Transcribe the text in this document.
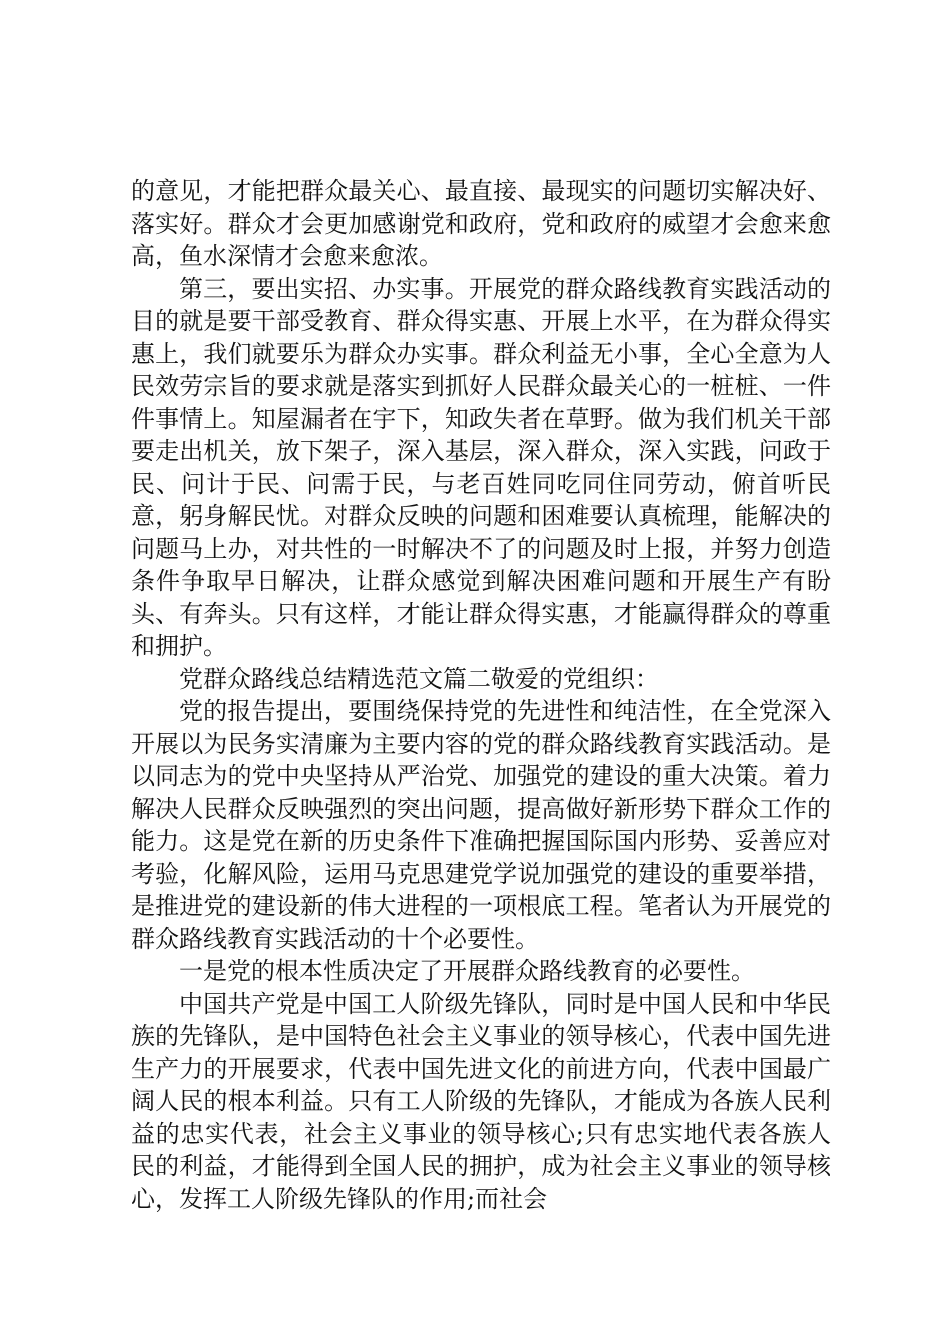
的意见，才能把群众最关心、最直接、最现实的问题切实解决好、落实好。群众才会更加感谢党和政府，党和政府的威望才会愈来愈高，鱼水深情才会愈来愈浓。

第三，要出实招、办实事。开展党的群众路线教育实践活动的目的就是要干部受教育、群众得实惠、开展上水平，在为群众得实惠上，我们就要乐为群众办实事。群众利益无小事，全心全意为人民效劳宗旨的要求就是落实到抓好人民群众最关心的一桩桩、一件件事情上。知屋漏者在宇下，知政失者在草野。做为我们机关干部要走出机关，放下架子，深入基层，深入群众，深入实践，问政于民、问计于民、问需于民，与老百姓同吃同住同劳动，俯首听民意，躬身解民忧。对群众反映的问题和困难要认真梳理，能解决的问题马上办，对共性的一时解决不了的问题及时上报，并努力创造条件争取早日解决，让群众感觉到解决困难问题和开展生产有盼头、有奔头。只有这样，才能让群众得实惠，才能赢得群众的尊重和拥护。

党群众路线总结精选范文篇二敬爱的党组织：

党的报告提出，要围绕保持党的先进性和纯洁性，在全党深入开展以为民务实清廉为主要内容的党的群众路线教育实践活动。是以同志为的党中央坚持从严治党、加强党的建设的重大决策。着力解决人民群众反映强烈的突出问题，提高做好新形势下群众工作的能力。这是党在新的历史条件下准确把握国际国内形势、妥善应对考验，化解风险，运用马克思建党学说加强党的建设的重要举措，是推进党的建设新的伟大进程的一项根底工程。笔者认为开展党的群众路线教育实践活动的十个必要性。

一是党的根本性质决定了开展群众路线教育的必要性。

中国共产党是中国工人阶级先锋队，同时是中国人民和中华民族的先锋队，是中国特色社会主义事业的领导核心，代表中国先进生产力的开展要求，代表中国先进文化的前进方向，代表中国最广阔人民的根本利益。只有工人阶级的先锋队，才能成为各族人民利益的忠实代表，社会主义事业的领导核心;只有忠实地代表各族人民的利益，才能得到全国人民的拥护，成为社会主义事业的领导核心，发挥工人阶级先锋队的作用;而社会
